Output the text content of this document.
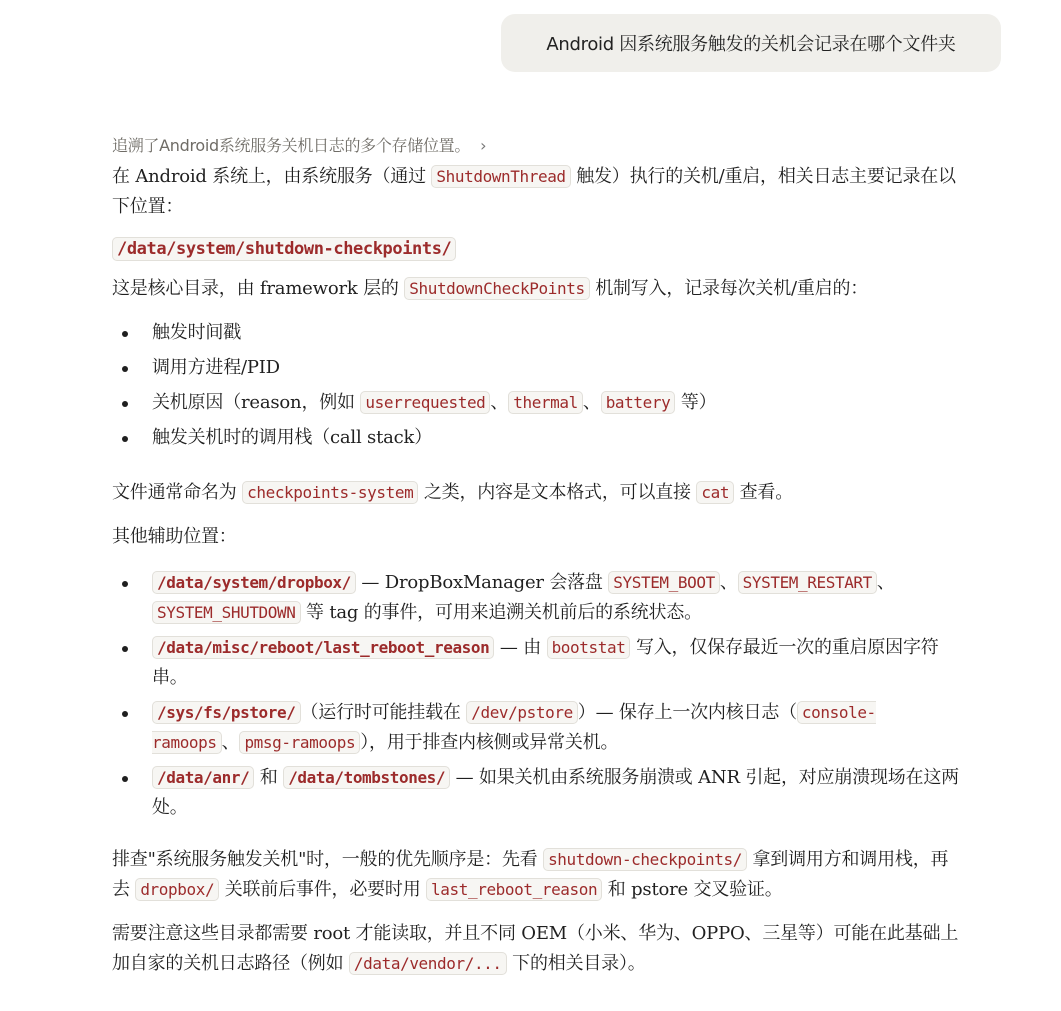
Android 因系统服务触发的关机会记录在哪个文件夹
追溯了Android系统服务关机日志的多个存储位置。 ›

在 Android 系统上，由系统服务（通过 ShutdownThread 触发）执行的关机/重启，相关日志主要记录在以下位置：

/data/system/shutdown-checkpoints/

这是核心目录，由 framework 层的 ShutdownCheckPoints 机制写入，记录每次关机/重启的：

触发时间戳
调用方进程/PID
关机原因（reason，例如 userrequested 、 thermal 、 battery 等）
触发关机时的调用栈（call stack）

文件通常命名为 checkpoints-system 之类，内容是文本格式，可以直接 cat 查看。

其他辅助位置：

/data/system/dropbox/ — DropBoxManager 会落盘 SYSTEM_BOOT 、 SYSTEM_RESTART 、SYSTEM_SHUTDOWN 等 tag 的事件，可用来追溯关机前后的系统状态。
/data/misc/reboot/last_reboot_reason — 由 bootstat 写入，仅保存最近一次的重启原因字符串。
/sys/fs/pstore/ （运行时可能挂载在 /dev/pstore ）— 保存上一次内核日志（ console-ramoops 、 pmsg-ramoops ），用于排查内核侧或异常关机。
/data/anr/ 和 /data/tombstones/ — 如果关机由系统服务崩溃或 ANR 引起，对应崩溃现场在这两处。

排查"系统服务触发关机"时，一般的优先顺序是：先看 shutdown-checkpoints/ 拿到调用方和调用栈，再去 dropbox/ 关联前后事件，必要时用 last_reboot_reason 和 pstore 交叉验证。

需要注意这些目录都需要 root 才能读取，并且不同 OEM（小米、华为、OPPO、三星等）可能在此基础上加自家的关机日志路径（例如 /data/vendor/... 下的相关目录）。
